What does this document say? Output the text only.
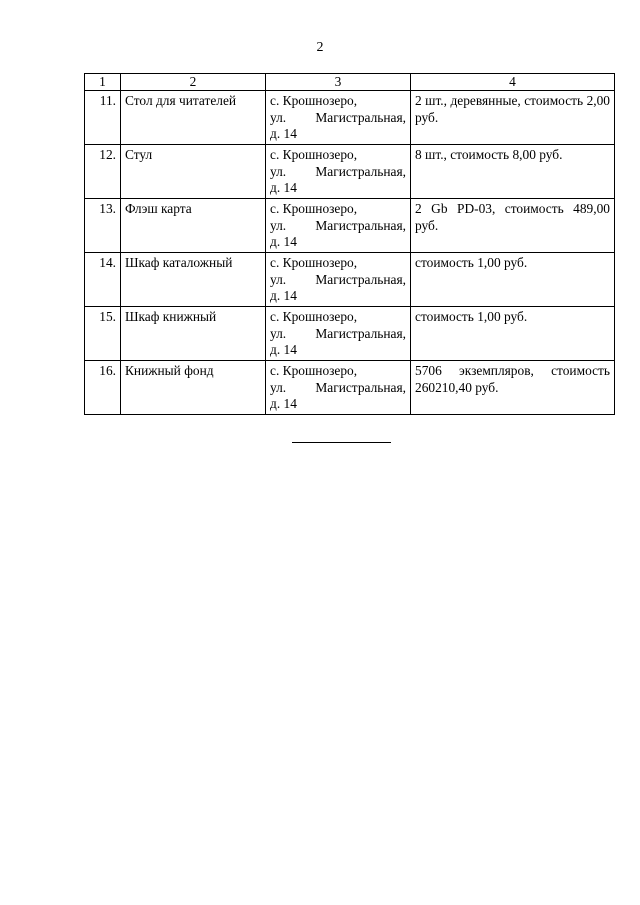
2
1	2	3	4
11.	Стол для читателей	с. Крошнозеро,
ул. Магистральная,
д. 14	2 шт., деревянные, стоимость 2,00 руб.
12.	Стул	с. Крошнозеро,
ул. Магистральная,
д. 14	8 шт., стоимость 8,00 руб.
13.	Флэш карта	с. Крошнозеро,
ул. Магистральная,
д. 14	2 Gb PD-03, стоимость 489,00 руб.
14.	Шкаф каталожный	с. Крошнозеро,
ул. Магистральная,
д. 14	стоимость 1,00 руб.
15.	Шкаф книжный	с. Крошнозеро,
ул. Магистральная,
д. 14	стоимость 1,00 руб.
16.	Книжный фонд	с. Крошнозеро,
ул. Магистральная,
д. 14	5706 экземпляров, стоимость 260210,40 руб.
